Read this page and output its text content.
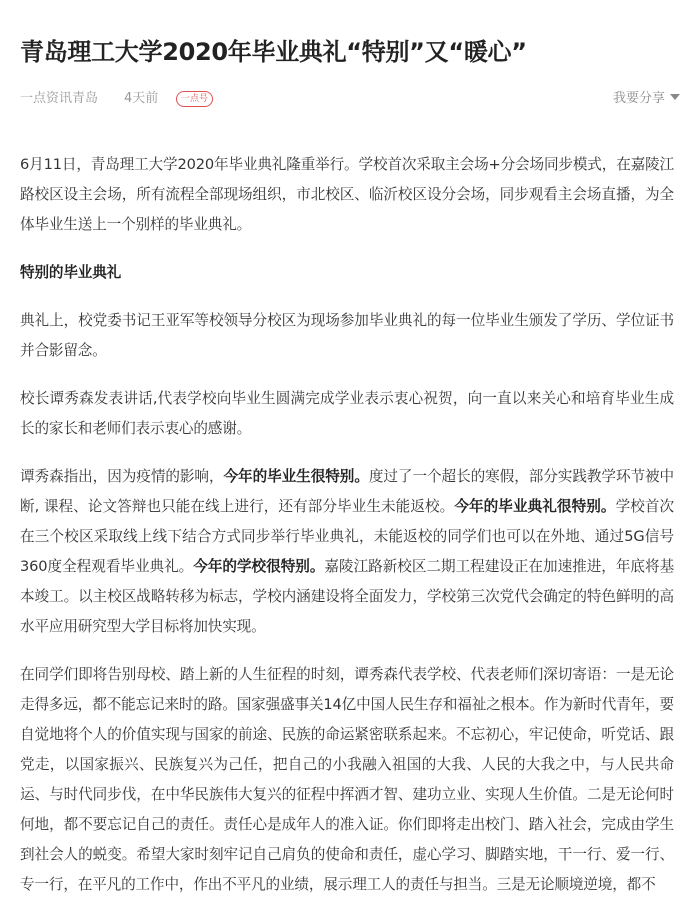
青岛理工大学2020年毕业典礼“特别”又“暖心”
一点资讯青岛 4天前	一点号	我要分享

6月11日，青岛理工大学2020年毕业典礼隆重举行。学校首次采取主会场+分会场同步模式，在嘉陵江路校区设主会场，所有流程全部现场组织，市北校区、临沂校区设分会场，同步观看主会场直播，为全体毕业生送上一个别样的毕业典礼。

特别的毕业典礼

典礼上，校党委书记王亚军等校领导分校区为现场参加毕业典礼的每一位毕业生颁发了学历、学位证书并合影留念。

校长谭秀森发表讲话,代表学校向毕业生圆满完成学业表示衷心祝贺，向一直以来关心和培育毕业生成长的家长和老师们表示衷心的感谢。

谭秀森指出，因为疫情的影响，今年的毕业生很特别。度过了一个超长的寒假，部分实践教学环节被中断, 课程、论文答辩也只能在线上进行，还有部分毕业生未能返校。今年的毕业典礼很特别。学校首次在三个校区采取线上线下结合方式同步举行毕业典礼，未能返校的同学们也可以在外地、通过5G信号360度全程观看毕业典礼。今年的学校很特别。嘉陵江路新校区二期工程建设正在加速推进，年底将基本竣工。以主校区战略转移为标志，学校内涵建设将全面发力，学校第三次党代会确定的特色鲜明的高水平应用研究型大学目标将加快实现。

在同学们即将告别母校、踏上新的人生征程的时刻，谭秀森代表学校、代表老师们深切寄语：一是无论走得多远，都不能忘记来时的路。国家强盛事关14亿中国人民生存和福祉之根本。作为新时代青年，要自觉地将个人的价值实现与国家的前途、民族的命运紧密联系起来。不忘初心，牢记使命，听党话、跟党走，以国家振兴、民族复兴为己任，把自己的小我融入祖国的大我、人民的大我之中，与人民共命运、与时代同步伐，在中华民族伟大复兴的征程中挥洒才智、建功立业、实现人生价值。二是无论何时何地，都不要忘记自己的责任。责任心是成年人的准入证。你们即将走出校门、踏入社会，完成由学生到社会人的蜕变。希望大家时刻牢记自己肩负的使命和责任，虚心学习、脚踏实地，干一行、爱一行、专一行，在平凡的工作中，作出不平凡的业绩，展示理工人的责任与担当。三是无论顺境逆境，都不
